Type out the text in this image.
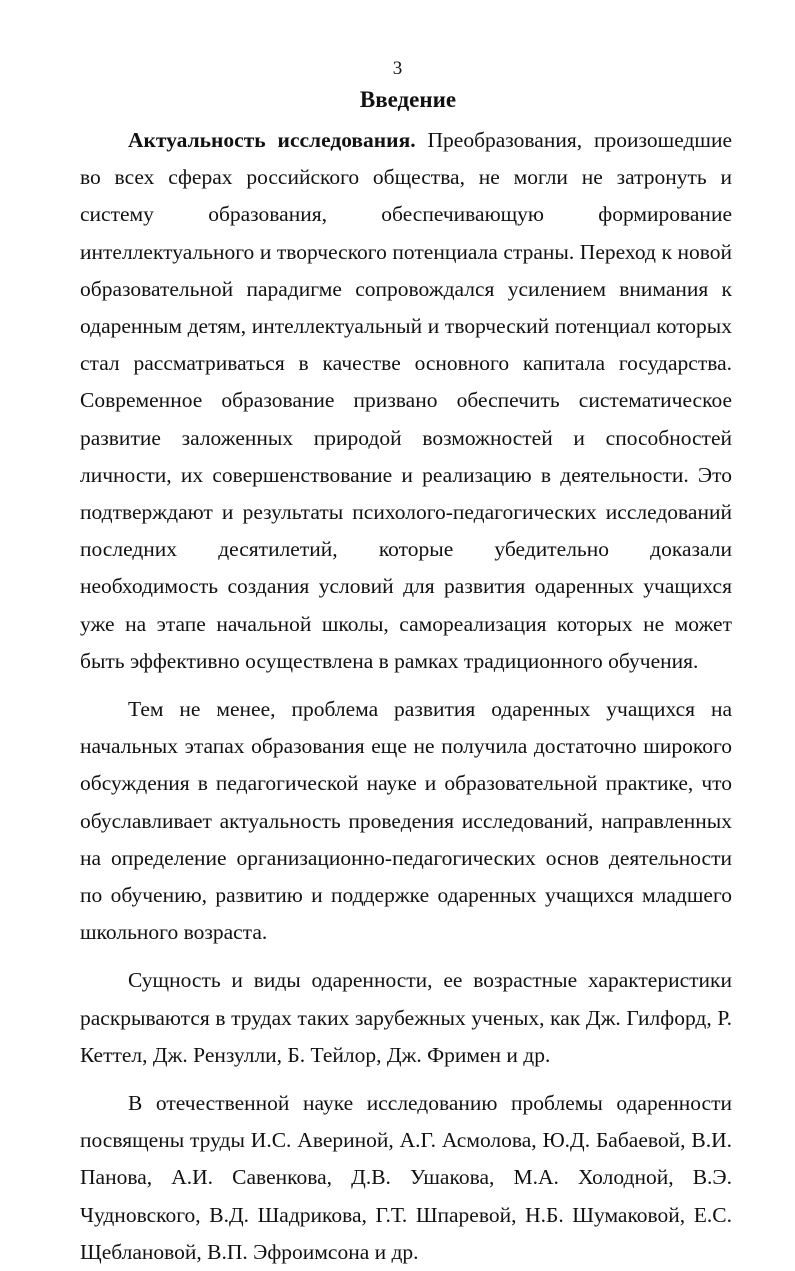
3
Введение

Актуальность исследования. Преобразования, произошедшие во всех сферах российского общества, не могли не затронуть и систему образования, обеспечивающую формирование интеллектуального и творческого потенциала страны. Переход к новой образовательной парадигме сопровождался усилением внимания к одаренным детям, интеллектуальный и творческий потенциал которых стал рассматриваться в качестве основного капитала государства. Современное образование призвано обеспечить систематическое развитие заложенных природой возможностей и способностей личности, их совершенствование и реализацию в деятельности. Это подтверждают и результаты психолого-педагогических исследований последних десятилетий, которые убедительно доказали необходимость создания условий для развития одаренных учащихся уже на этапе начальной школы, самореализация которых не может быть эффективно осуществлена в рамках традиционного обучения.

Тем не менее, проблема развития одаренных учащихся на начальных этапах образования еще не получила достаточно широкого обсуждения в педагогической науке и образовательной практике, что обуславливает актуальность проведения исследований, направленных на определение организационно-педагогических основ деятельности по обучению, развитию и поддержке одаренных учащихся младшего школьного возраста.

Сущность и виды одаренности, ее возрастные характеристики раскрываются в трудах таких зарубежных ученых, как Дж. Гилфорд, Р. Кеттел, Дж. Рензулли, Б. Тейлор, Дж. Фримен и др.

В отечественной науке исследованию проблемы одаренности посвящены труды И.С. Авериной, А.Г. Асмолова, Ю.Д. Бабаевой, В.И. Панова, А.И. Савенкова, Д.В. Ушакова, М.А. Холодной, В.Э. Чудновского, В.Д. Шадрикова, Г.Т. Шпаревой, Н.Б. Шумаковой, Е.С. Щеблановой, В.П. Эфроимсона и др.
